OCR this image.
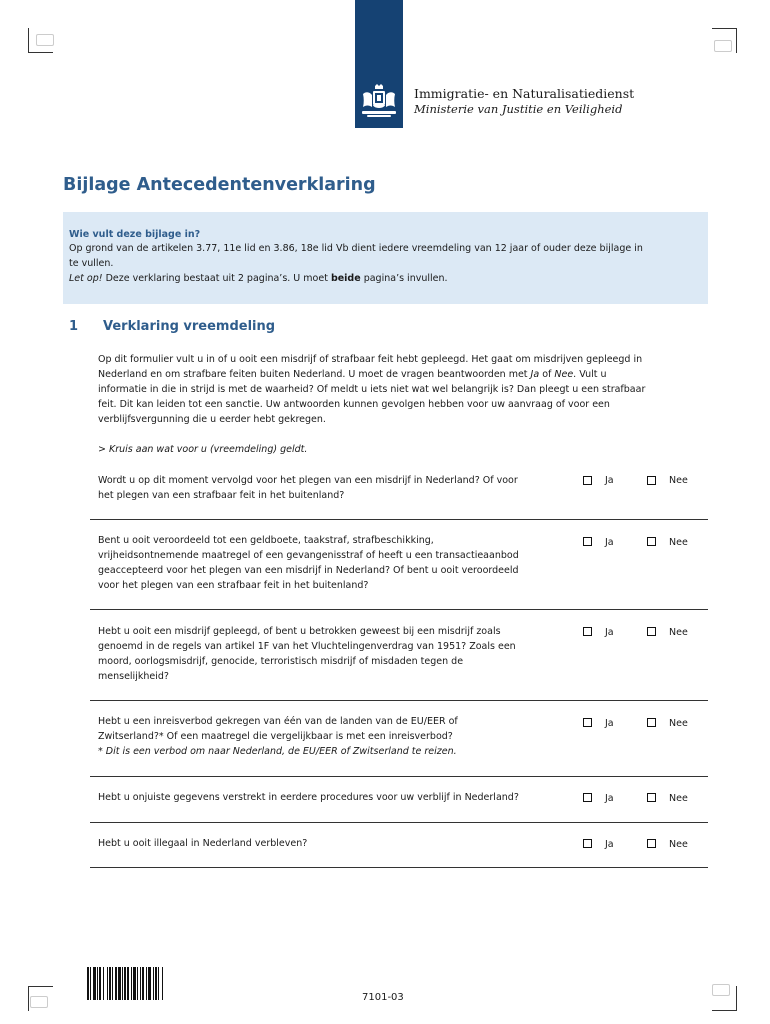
Immigratie- en Naturalisatiedienst
Ministerie van Justitie en Veiligheid
Bijlage Antecedentenverklaring
Wie vult deze bijlage in?
Op grond van de artikelen 3.77, 11e lid en 3.86, 18e lid Vb dient iedere vreemdeling van 12 jaar of ouder deze bijlage in
te vullen.
Let op! Deze verklaring bestaat uit 2 pagina’s. U moet beide pagina’s invullen.
1 Verklaring vreemdeling
Op dit formulier vult u in of u ooit een misdrijf of strafbaar feit hebt gepleegd. Het gaat om misdrijven gepleegd in
Nederland en om strafbare feiten buiten Nederland. U moet de vragen beantwoorden met Ja of Nee. Vult u
informatie in die in strijd is met de waarheid? Of meldt u iets niet wat wel belangrijk is? Dan pleegt u een strafbaar
feit. Dit kan leiden tot een sanctie. Uw antwoorden kunnen gevolgen hebben voor uw aanvraag of voor een
verblijfsvergunning die u eerder hebt gekregen.
> Kruis aan wat voor u (vreemdeling) geldt.
Wordt u op dit moment vervolgd voor het plegen van een misdrijf in Nederland? Of voor
het plegen van een strafbaar feit in het buitenland?
Ja	Nee
Bent u ooit veroordeeld tot een geldboete, taakstraf, strafbeschikking,
vrijheidsontnemende maatregel of een gevangenisstraf of heeft u een transactieaanbod
geaccepteerd voor het plegen van een misdrijf in Nederland? Of bent u ooit veroordeeld
voor het plegen van een strafbaar feit in het buitenland?
Ja	Nee
Hebt u ooit een misdrijf gepleegd, of bent u betrokken geweest bij een misdrijf zoals
genoemd in de regels van artikel 1F van het Vluchtelingenverdrag van 1951? Zoals een
moord, oorlogsmisdrijf, genocide, terroristisch misdrijf of misdaden tegen de
menselijkheid?
Ja	Nee
Hebt u een inreisverbod gekregen van één van de landen van de EU/EER of
Zwitserland?* Of een maatregel die vergelijkbaar is met een inreisverbod?
* Dit is een verbod om naar Nederland, de EU/EER of Zwitserland te reizen.
Ja	Nee
Hebt u onjuiste gegevens verstrekt in eerdere procedures voor uw verblijf in Nederland?	Ja	Nee
Hebt u ooit illegaal in Nederland verbleven?	Ja	Nee
7101-03
